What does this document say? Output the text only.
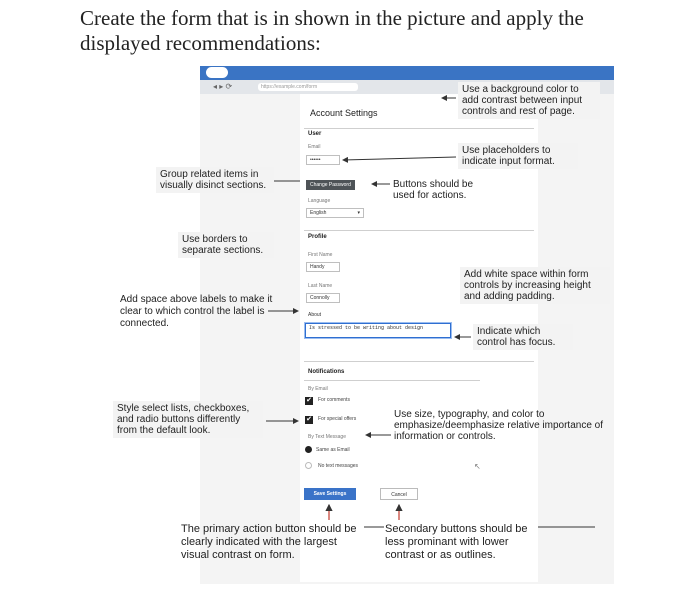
Create the form that is in shown in the picture and apply the displayed recommendations:
◂ ▸ ⟳	https://example.com/form
Account Settings
User
Email
••••••
Change Password
Language
English	▾
Profile
First Name
Handy
Last Name
Connolly
About
Is stressed to be writing about design
Notifications
By Email
✔ For comments
✔ For special offers
By Text Message
Same as Email
No text messages
Save Settings	Cancel
Use a background color to add contrast between input controls and rest of page.
Use placeholders to indicate input format.
Group related items in visually disinct sections.	Buttons should be used for actions.
Use borders to separate sections.
Add white space within form controls by increasing height and adding padding.
Add space above labels to make it clear to which control the label is connected.
Indicate which control has focus.
Style select lists, checkboxes, and radio buttons differently from the default look.
Use size, typography, and color to emphasize/deemphasize relative importance of information or controls.
The primary action button should be clearly indicated with the largest visual contrast on form.
Secondary buttons should be less prominant with lower contrast or as outlines.
↖
